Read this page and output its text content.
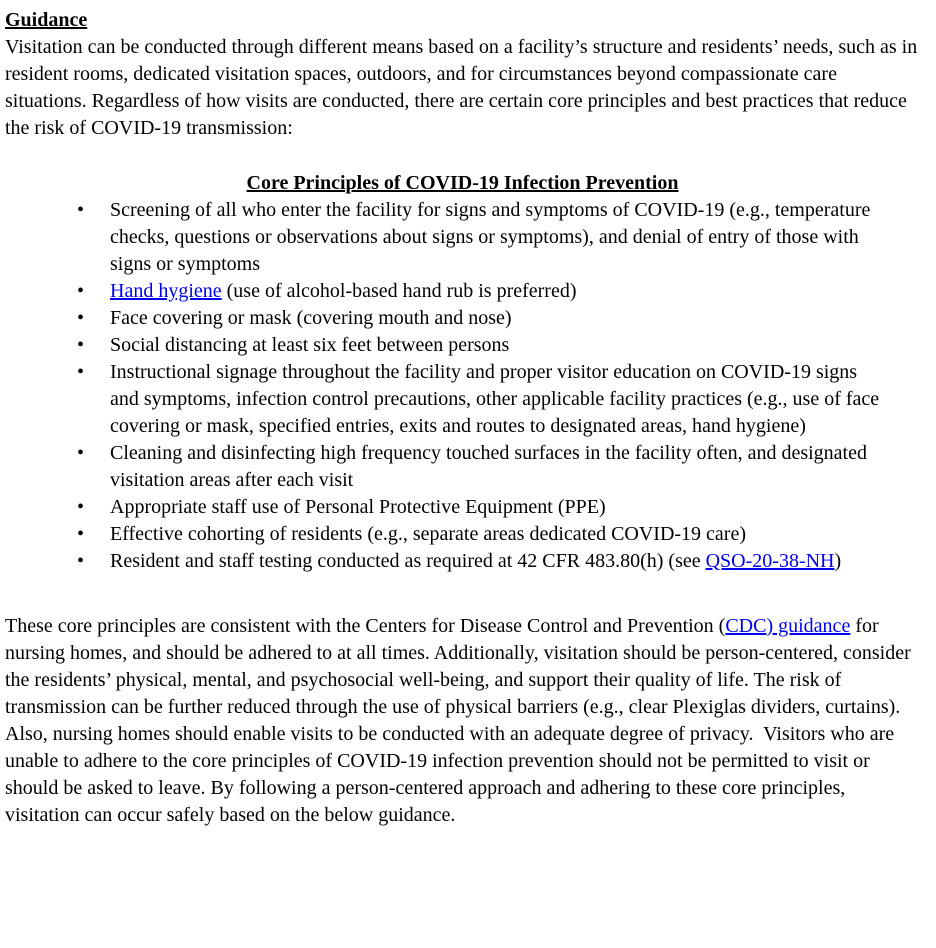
Guidance

Visitation can be conducted through different means based on a facility’s structure and residents’ needs, such as in resident rooms, dedicated visitation spaces, outdoors, and for circumstances beyond compassionate care situations. Regardless of how visits are conducted, there are certain core principles and best practices that reduce the risk of COVID-19 transmission:

Core Principles of COVID-19 Infection Prevention
• Screening of all who enter the facility for signs and symptoms of COVID-19 (e.g., temperature checks, questions or observations about signs or symptoms), and denial of entry of those with signs or symptoms
• Hand hygiene (use of alcohol-based hand rub is preferred)
• Face covering or mask (covering mouth and nose)
• Social distancing at least six feet between persons
• Instructional signage throughout the facility and proper visitor education on COVID-19 signs and symptoms, infection control precautions, other applicable facility practices (e.g., use of face covering or mask, specified entries, exits and routes to designated areas, hand hygiene)
• Cleaning and disinfecting high frequency touched surfaces in the facility often, and designated visitation areas after each visit
• Appropriate staff use of Personal Protective Equipment (PPE)
• Effective cohorting of residents (e.g., separate areas dedicated COVID-19 care)
• Resident and staff testing conducted as required at 42 CFR 483.80(h) (see QSO-20-38-NH)

These core principles are consistent with the Centers for Disease Control and Prevention (CDC) guidance for nursing homes, and should be adhered to at all times. Additionally, visitation should be person-centered, consider the residents’ physical, mental, and psychosocial well-being, and support their quality of life. The risk of transmission can be further reduced through the use of physical barriers (e.g., clear Plexiglas dividers, curtains). Also, nursing homes should enable visits to be conducted with an adequate degree of privacy.  Visitors who are unable to adhere to the core principles of COVID-19 infection prevention should not be permitted to visit or should be asked to leave. By following a person-centered approach and adhering to these core principles, visitation can occur safely based on the below guidance.
